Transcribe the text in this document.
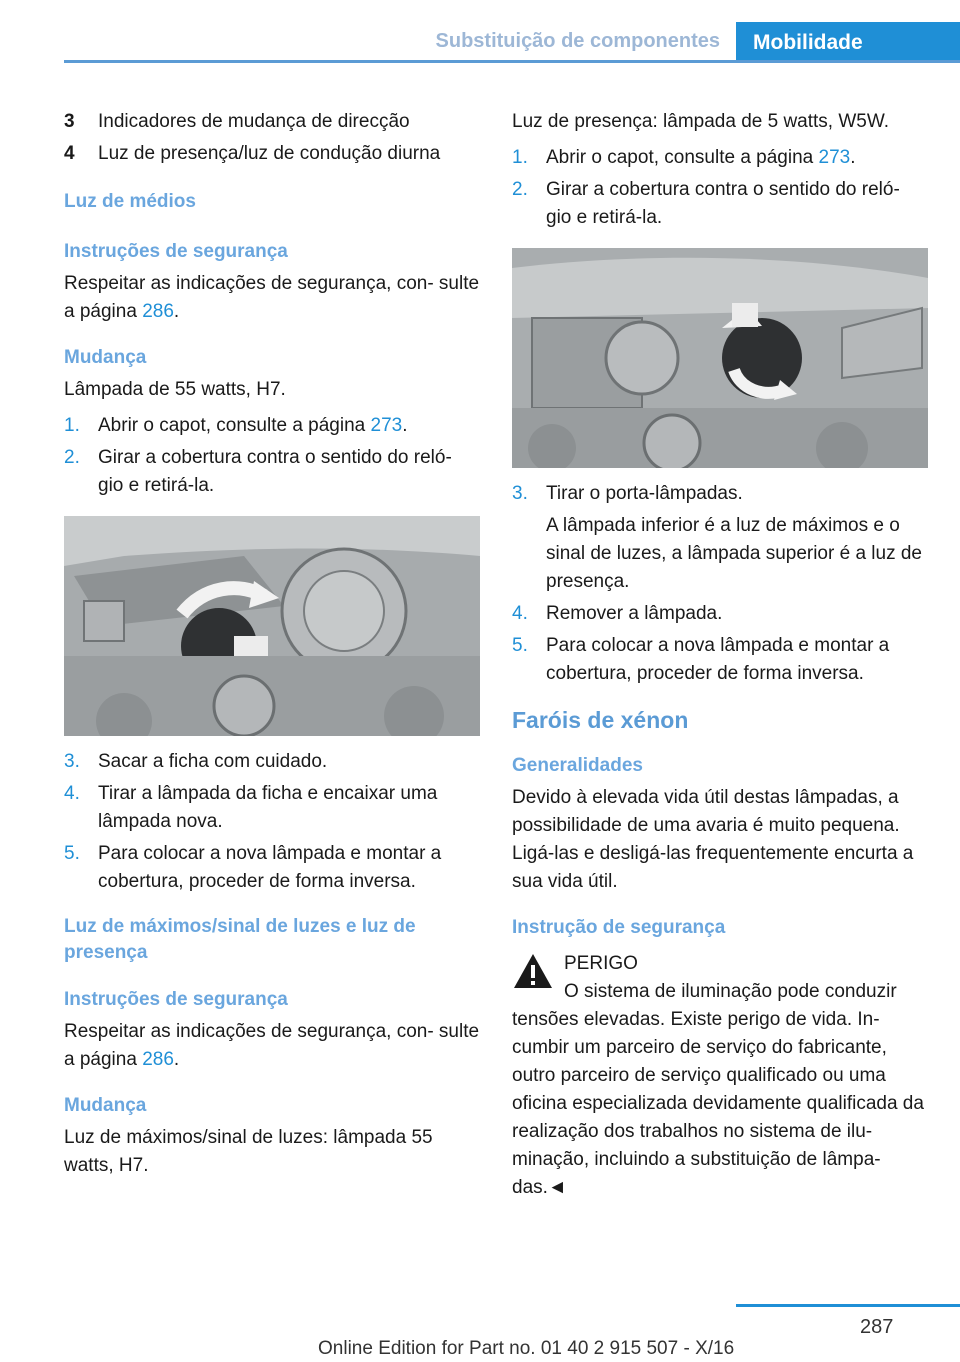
Substituição de componentes	Mobilidade
3	Indicadores de mudança de direcção
4	Luz de presença/luz de condução diurna
Luz de médios
Instruções de segurança

Respeitar as indicações de segurança, con‐ sulte a página 286.

Mudança

Lâmpada de 55 watts, H7.

1. Abrir o capot, consulte a página 273.
2. Girar a cobertura contra o sentido do reló‐ gio e retirá-la.
3. Sacar a ficha com cuidado.
4. Tirar a lâmpada da ficha e encaixar uma lâmpada nova.
5. Para colocar a nova lâmpada e montar a cobertura, proceder de forma inversa.
Luz de máximos/sinal de luzes e luz de presença
Instruções de segurança

Respeitar as indicações de segurança, con‐ sulte a página 286.

Mudança

Luz de máximos/sinal de luzes: lâmpada 55 watts, H7.

Luz de presença: lâmpada de 5 watts, W5W.

1. Abrir o capot, consulte a página 273.
2. Girar a cobertura contra o sentido do reló‐ gio e retirá-la.
3. Tirar o porta-lâmpadas.
A lâmpada inferior é a luz de máximos e o sinal de luzes, a lâmpada superior é a luz de presença.
4. Remover a lâmpada.
5. Para colocar a nova lâmpada e montar a cobertura, proceder de forma inversa.
Faróis de xénon
Generalidades

Devido à elevada vida útil destas lâmpadas, a possibilidade de uma avaria é muito pequena. Ligá-las e desligá-las frequentemente encurta a sua vida útil.

Instrução de segurança
PERIGO
O sistema de iluminação pode conduzir tensões elevadas. Existe perigo de vida. In‐ cumbir um parceiro de serviço do fabricante, outro parceiro de serviço qualificado ou uma oficina especializada devidamente qualificada da realização dos trabalhos no sistema de ilu‐ minação, incluindo a substituição de lâmpa‐ das.◄
287
Online Edition for Part no. 01 40 2 915 507 - X/16
